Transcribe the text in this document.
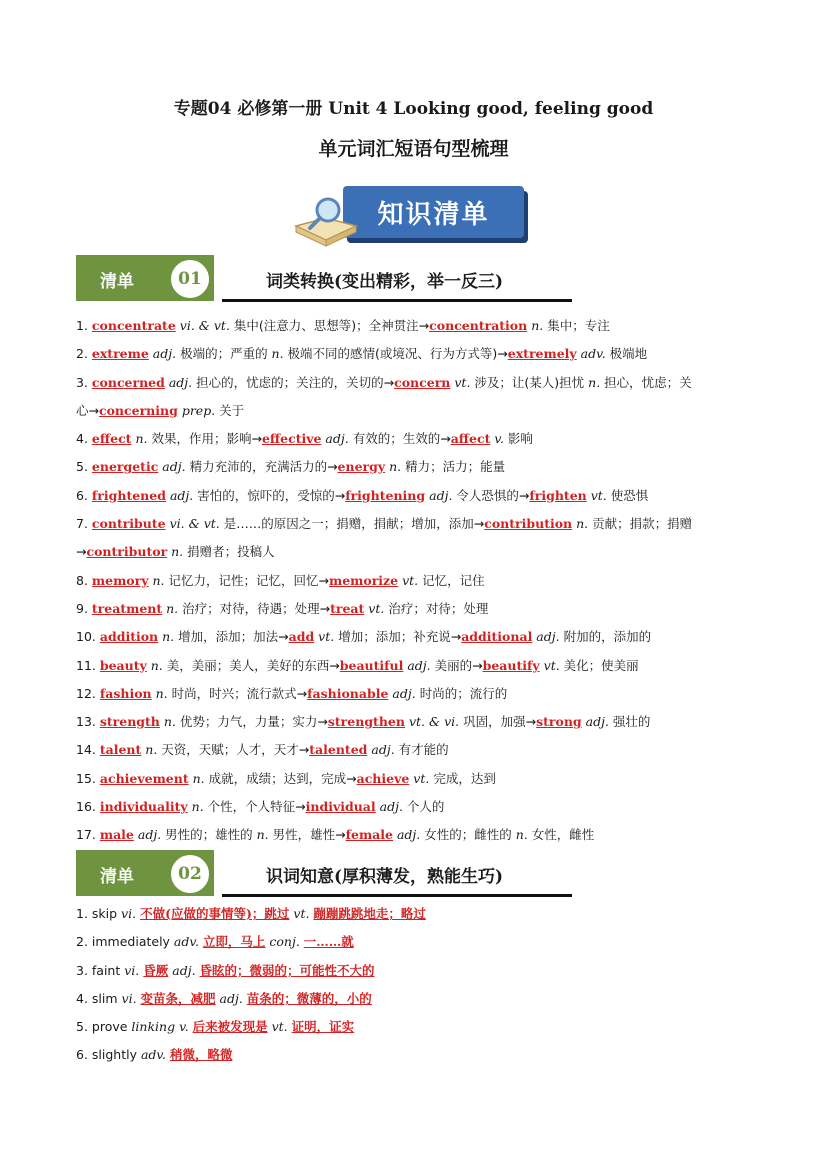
专题04 必修第一册 Unit 4 Looking good, feeling good
单元词汇短语句型梳理
知识清单
清单	01	词类转换(变出精彩，举一反三)
1. concentrate vi. & vt. 集中(注意力、思想等)；全神贯注→concentration n. 集中；专注
2. extreme adj. 极端的；严重的 n. 极端不同的感情(或境况、行为方式等)→extremely adv. 极端地
3. concerned adj. 担心的，忧虑的；关注的，关切的→concern vt. 涉及；让(某人)担忧 n. 担心，忧虑；关
心→concerning prep. 关于
4. effect n. 效果，作用；影响→effective adj. 有效的；生效的→affect v. 影响
5. energetic adj. 精力充沛的，充满活力的→energy n. 精力；活力；能量
6. frightened adj. 害怕的，惊吓的，受惊的→frightening adj. 令人恐惧的→frighten vt. 使恐惧
7. contribute vi. & vt. 是……的原因之一；捐赠，捐献；增加，添加→contribution n. 贡献；捐款；捐赠
→contributor n. 捐赠者；投稿人
8. memory n. 记忆力，记性；记忆，回忆→memorize vt. 记忆，记住
9. treatment n. 治疗；对待，待遇；处理→treat vt. 治疗；对待；处理
10. addition n. 增加，添加；加法→add vt. 增加；添加；补充说→additional adj. 附加的，添加的
11. beauty n. 美，美丽；美人，美好的东西→beautiful adj. 美丽的→beautify vt. 美化；使美丽
12. fashion n. 时尚，时兴；流行款式→fashionable adj. 时尚的；流行的
13. strength n. 优势；力气，力量；实力→strengthen vt. & vi. 巩固，加强→strong adj. 强壮的
14. talent n. 天资，天赋；人才，天才→talented adj. 有才能的
15. achievement n. 成就，成绩；达到，完成→achieve vt. 完成，达到
16. individuality n. 个性，个人特征→individual adj. 个人的
17. male adj. 男性的；雄性的 n. 男性，雄性→female adj. 女性的；雌性的 n. 女性，雌性
清单	02	识词知意(厚积薄发，熟能生巧)
1. skip vi. 不做(应做的事情等)；跳过 vt. 蹦蹦跳跳地走；略过
2. immediately adv. 立即，马上 conj. 一……就
3. faint vi. 昏厥 adj. 昏眩的；微弱的；可能性不大的
4. slim vi. 变苗条，减肥 adj. 苗条的；微薄的，小的
5. prove linking v. 后来被发现是 vt. 证明，证实
6. slightly adv. 稍微，略微
